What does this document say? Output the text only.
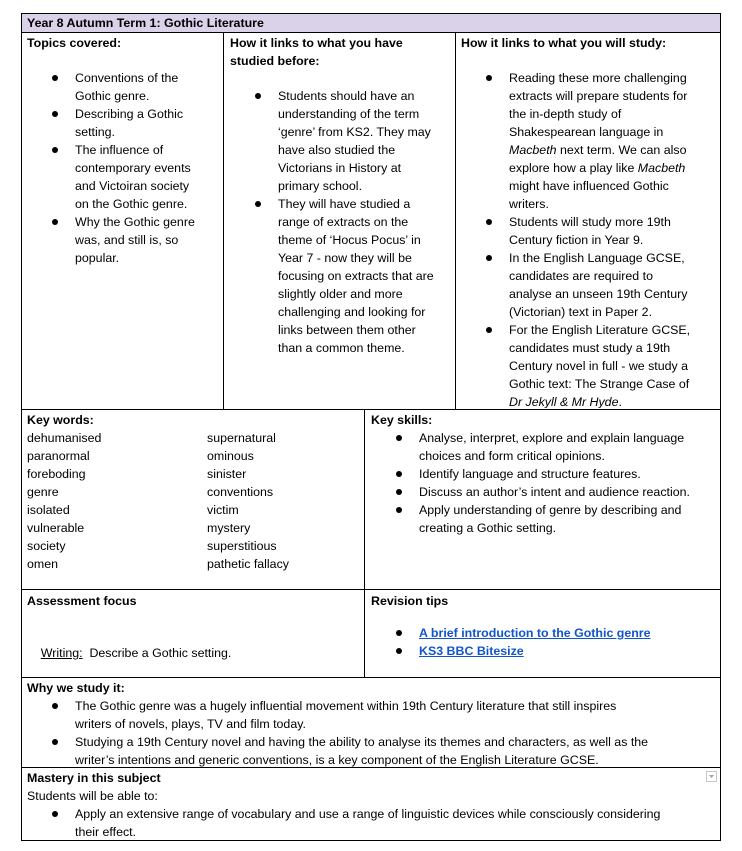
Year 8 Autumn Term 1: Gothic Literature
Topics covered:
Conventions of the
Gothic genre.
Describing a Gothic
setting.
The influence of
contemporary events
and Victoiran society
on the Gothic genre.
Why the Gothic genre
was, and still is, so
popular.
How it links to what you have
studied before:
Students should have an
understanding of the term
‘genre’ from KS2. They may
have also studied the
Victorians in History at
primary school.
They will have studied a
range of extracts on the
theme of ‘Hocus Pocus’ in
Year 7 - now they will be
focusing on extracts that are
slightly older and more
challenging and looking for
links between them other
than a common theme.
How it links to what you will study:
Reading these more challenging
extracts will prepare students for
the in-depth study of
Shakespearean language in
Macbeth next term. We can also
explore how a play like Macbeth
might have influenced Gothic
writers.
Students will study more 19th
Century fiction in Year 9.
In the English Language GCSE,
candidates are required to
analyse an unseen 19th Century
(Victorian) text in Paper 2.
For the English Literature GCSE,
candidates must study a 19th
Century novel in full - we study a
Gothic text: The Strange Case of
Dr Jekyll & Mr Hyde.
Key words:
dehumanised
paranormal
foreboding
genre
isolated
vulnerable
society
omen
supernatural
ominous
sinister
conventions
victim
mystery
superstitious
pathetic fallacy
Key skills:
Analyse, interpret, explore and explain language
choices and form critical opinions.
Identify language and structure features.
Discuss an author’s intent and audience reaction.
Apply understanding of genre by describing and
creating a Gothic setting.
Assessment focus

Writing:  Describe a Gothic setting.

Revision tips
A brief introduction to the Gothic genre
KS3 BBC Bitesize
Why we study it:
The Gothic genre was a hugely influential movement within 19th Century literature that still inspires
writers of novels, plays, TV and film today.
Studying a 19th Century novel and having the ability to analyse its themes and characters, as well as the
writer’s intentions and generic conventions, is a key component of the English Literature GCSE.
Mastery in this subject
Students will be able to:
Apply an extensive range of vocabulary and use a range of linguistic devices while consciously considering
their effect.
